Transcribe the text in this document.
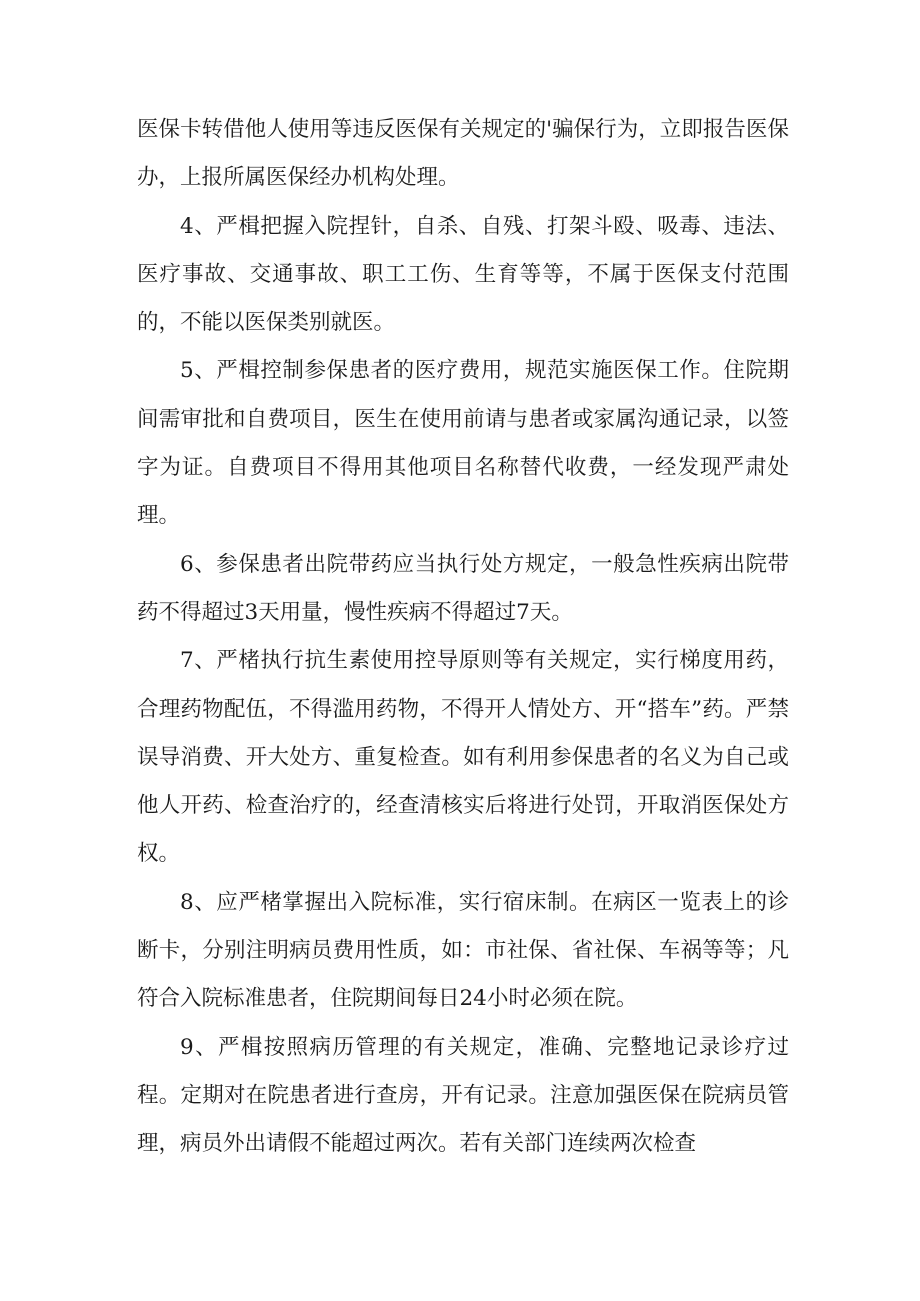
医保卡转借他人使用等违反医保有关规定的'骗保行为，立即报告医保办，上报所属医保经办机构处理。

4、严楫把握入院捏针，自杀、自残、打架斗殴、吸毒、违法、医疗事故、交通事故、职工工伤、生育等等，不属于医保支付范围的，不能以医保类别就医。

5、严楫控制参保患者的医疗费用，规范实施医保工作。住院期间需审批和自费项目，医生在使用前请与患者或家属沟通记录，以签字为证。自费项目不得用其他项目名称替代收费，一经发现严肃处理。

6、参保患者出院带药应当执行处方规定，一般急性疾病出院带药不得超过3天用量，慢性疾病不得超过7天。

7、严楮执行抗生素使用控导原则等有关规定，实行梯度用药，合理药物配伍，不得滥用药物，不得开人情处方、开“搭车”药。严禁误导消费、开大处方、重复检查。如有利用参保患者的名义为自己或他人开药、检查治疗的，经查清核实后将进行处罚，开取消医保处方权。

8、应严楮掌握出入院标准，实行宿床制。在病区一览表上的诊断卡，分别注明病员费用性质，如：市社保、省社保、车祸等等；凡符合入院标准患者，住院期间每日24小时必须在院。

9、严楫按照病历管理的有关规定，准确、完整地记录诊疗过程。定期对在院患者进行查房，开有记录。注意加强医保在院病员管理，病员外出请假不能超过两次。若有关部门连续两次检查
